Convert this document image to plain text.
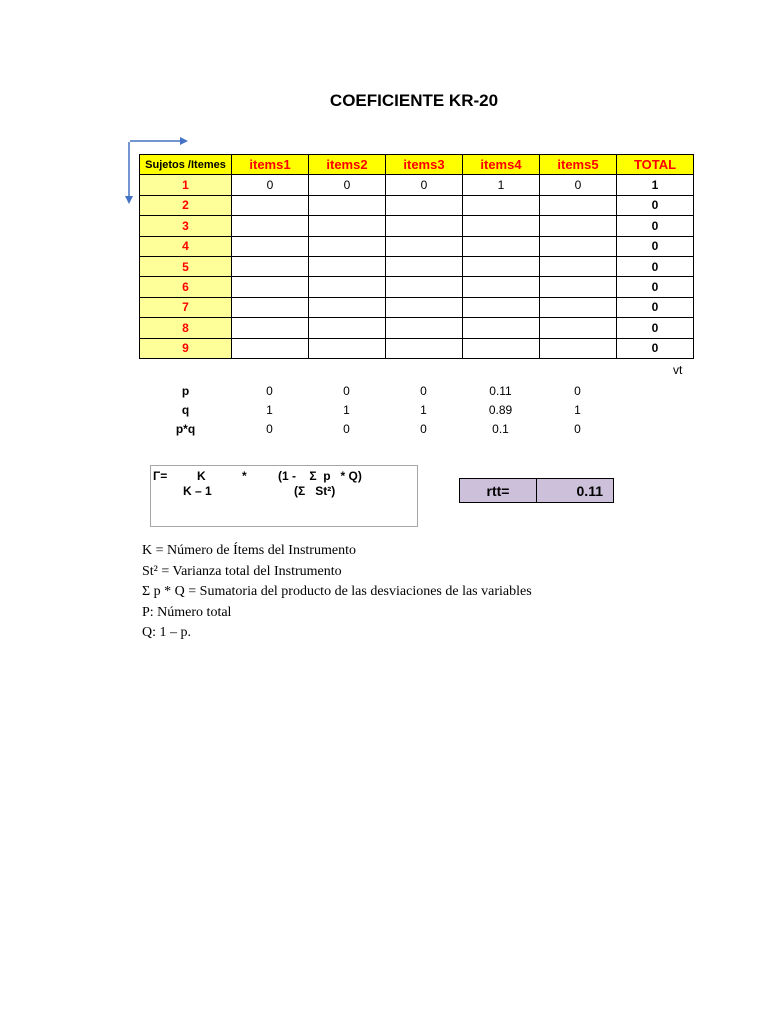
COEFICIENTE KR-20
Sujetos /Itemes	items1	items2	items3	items4	items5	TOTAL
1	0	0	0	1	0	1
2						0
3						0
4						0
5						0
6						0
7						0
8						0
9						0
vt
p	0	0	0	0.11	0
q	1	1	1	0.89	1
p*q	0	0	0	0.1	0
Γ= K	*	(1 -    Σ  p   * Q)
K – 1	(Σ   St²)	rtt=	0.11
K = Número de Ítems del Instrumento
St² = Varianza total del Instrumento
Σ p * Q = Sumatoria del producto de las desviaciones de las variables
P: Número total
Q: 1 – p.
